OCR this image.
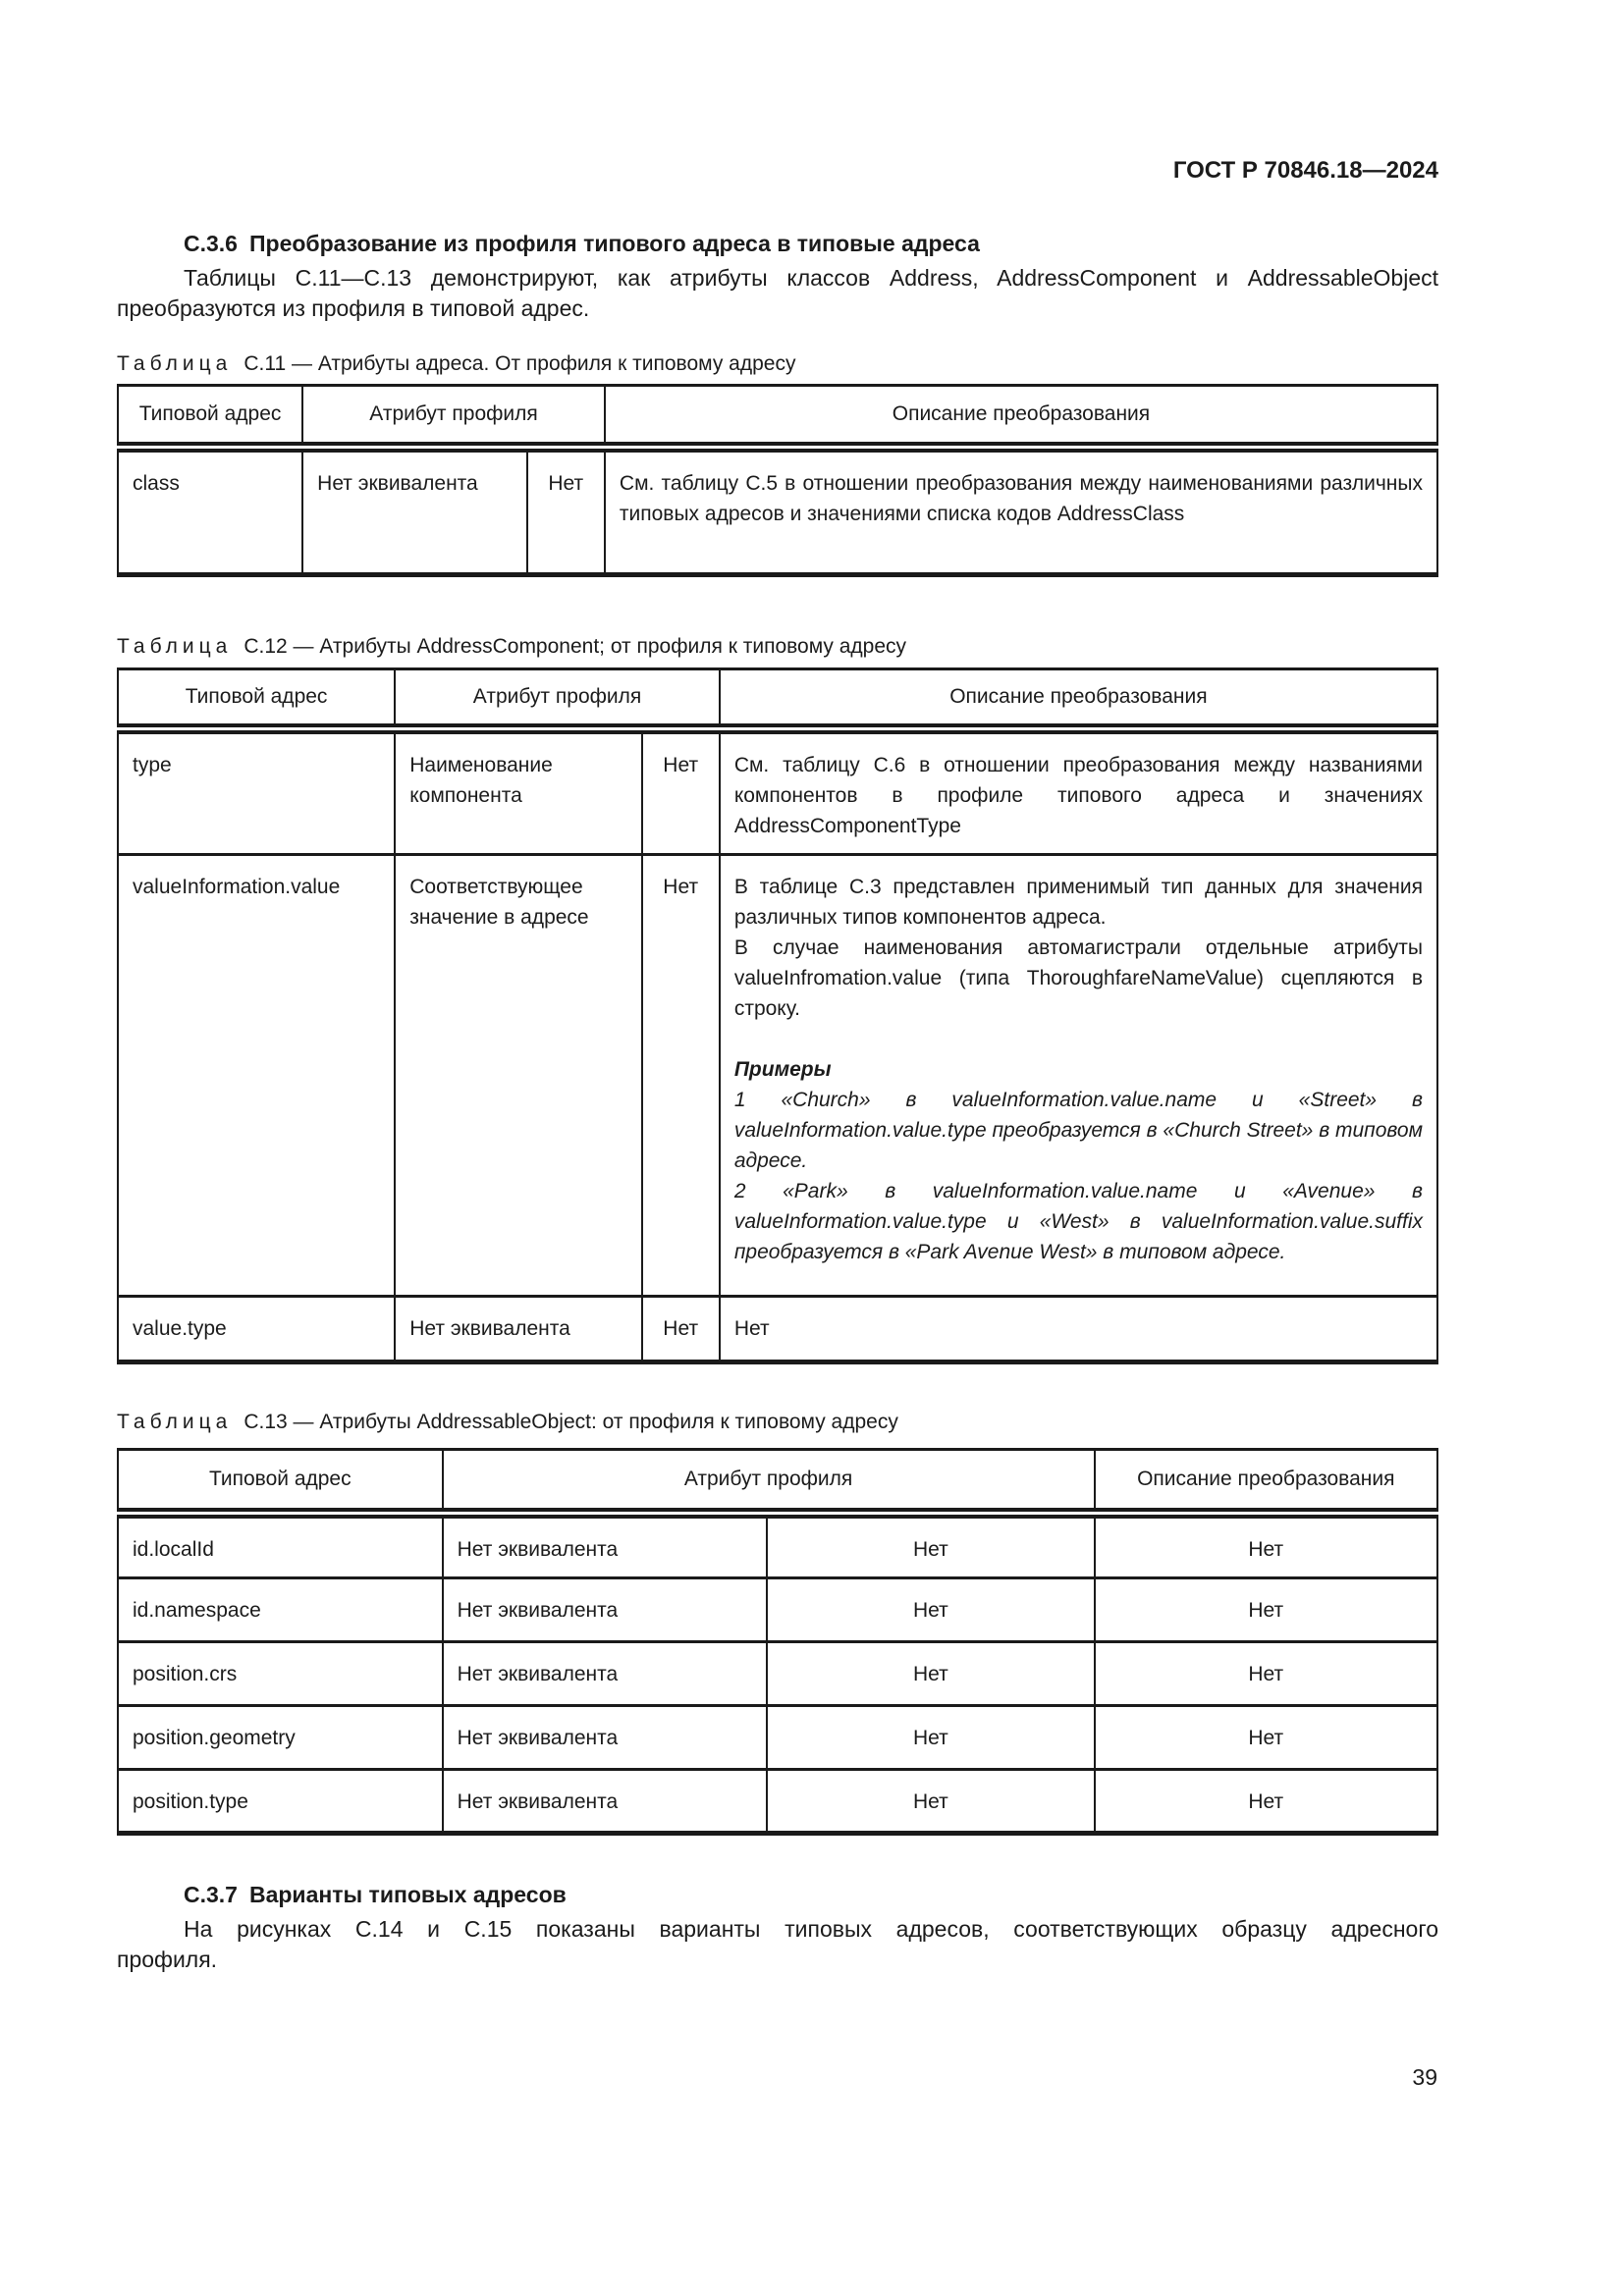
ГОСТ Р 70846.18—2024
С.3.6 Преобразование из профиля типового адреса в типовые адреса

Таблицы С.11—С.13 демонстрируют, как атрибуты классов Address, AddressComponent и AddressableObject преобразуются из профиля в типовой адрес.

Таблица С.11 — Атрибуты адреса. От профиля к типовому адресу

Типовой адрес	Атрибут профиля		Описание преобразования
class	Нет эквивалента	Нет	См. таблицу С.5 в отношении преобразования между наименованиями различных типовых адресов и значениями списка кодов AddressClass

Таблица С.12 — Атрибуты AddressComponent; от профиля к типовому адресу

Типовой адрес	Атрибут профиля		Описание преобразования
type	Наименование компонента	Нет	См. таблицу С.6 в отношении преобразования между названиями компонентов в профиле типового адреса и значениях AddressComponentType
valueInformation.value	Соответствующее значение в адресе	Нет	В таблице С.3 представлен применимый тип данных для значения различных типов компонентов адреса.
В случае наименования автомагистрали отдельные атрибуты valueInfromation.value (типа ThoroughfareNameValue) сцепляются в строку.
Примеры
1 «Church» в valueInformation.value.name и «Street» в valueInformation.value.type преобразуется в «Church Street» в типовом адресе.
2 «Park» в valueInformation.value.name и «Avenue» в valueInformation.value.type и «West» в valueInformation.value.suffix преобразуется в «Park Avenue West» в типовом адресе.

value.type	Нет эквивалента	Нет	Нет

Таблица С.13 — Атрибуты AddressableObject: от профиля к типовому адресу

Типовой адрес	Атрибут профиля		Описание преобразования
id.localId	Нет эквивалента	Нет	Нет
id.namespace	Нет эквивалента	Нет	Нет
position.crs	Нет эквивалента	Нет	Нет
position.geometry	Нет эквивалента	Нет	Нет
position.type	Нет эквивалента	Нет	Нет
С.3.7 Варианты типовых адресов

На рисунках С.14 и С.15 показаны варианты типовых адресов, соответствующих образцу адресного профиля.

39
